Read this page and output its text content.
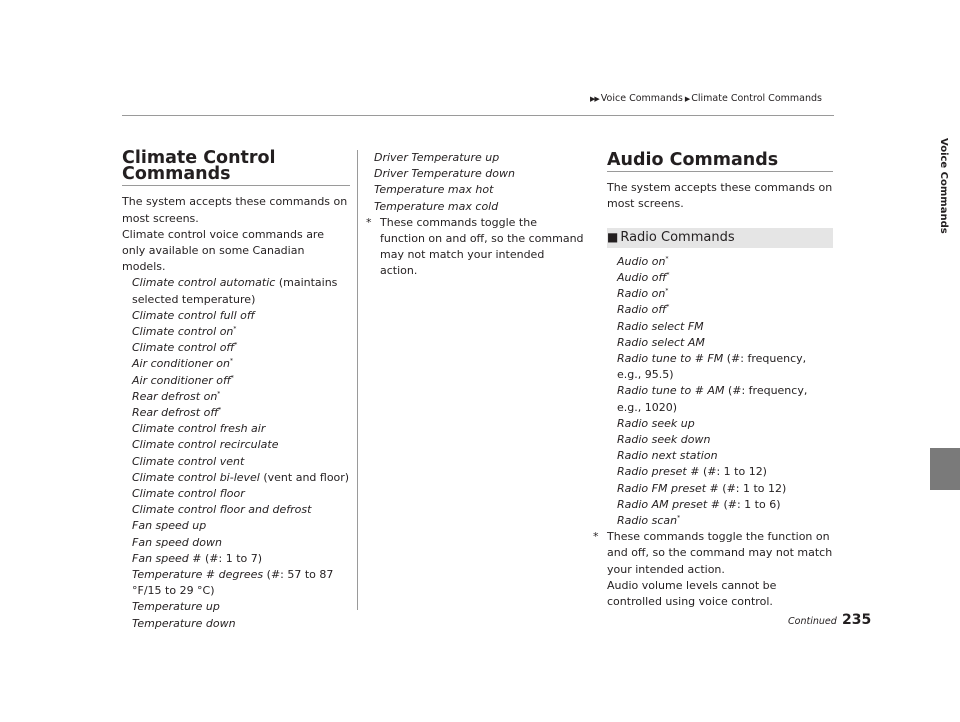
▶▶ Voice Commands ▶ Climate Control Commands
Voice Commands
Climate Control Commands

The system accepts these commands on most screens.

Climate control voice commands are only available on some Canadian models.

Climate control automatic (maintains selected temperature)
Climate control full off
Climate control on*
Climate control off*
Air conditioner on*
Air conditioner off*
Rear defrost on*
Rear defrost off*
Climate control fresh air
Climate control recirculate
Climate control vent
Climate control bi-level (vent and floor)
Climate control floor
Climate control floor and defrost
Fan speed up
Fan speed down
Fan speed # (#: 1 to 7)
Temperature # degrees (#: 57 to 87 °F/15 to 29 °C)
Temperature up
Temperature down
Driver Temperature up
Driver Temperature down
Temperature max hot
Temperature max cold
* These commands toggle the function on and off, so the command may not match your intended action.
Audio Commands

The system accepts these commands on most screens.

■ Radio Commands
Audio on*
Audio off*
Radio on*
Radio off*
Radio select FM
Radio select AM
Radio tune to # FM (#: frequency, e.g., 95.5)
Radio tune to # AM (#: frequency, e.g., 1020)
Radio seek up
Radio seek down
Radio next station
Radio preset # (#: 1 to 12)
Radio FM preset # (#: 1 to 12)
Radio AM preset # (#: 1 to 6)
Radio scan*
* These commands toggle the function on and off, so the command may not match your intended action.

Audio volume levels cannot be controlled using voice control.

Continued 235
